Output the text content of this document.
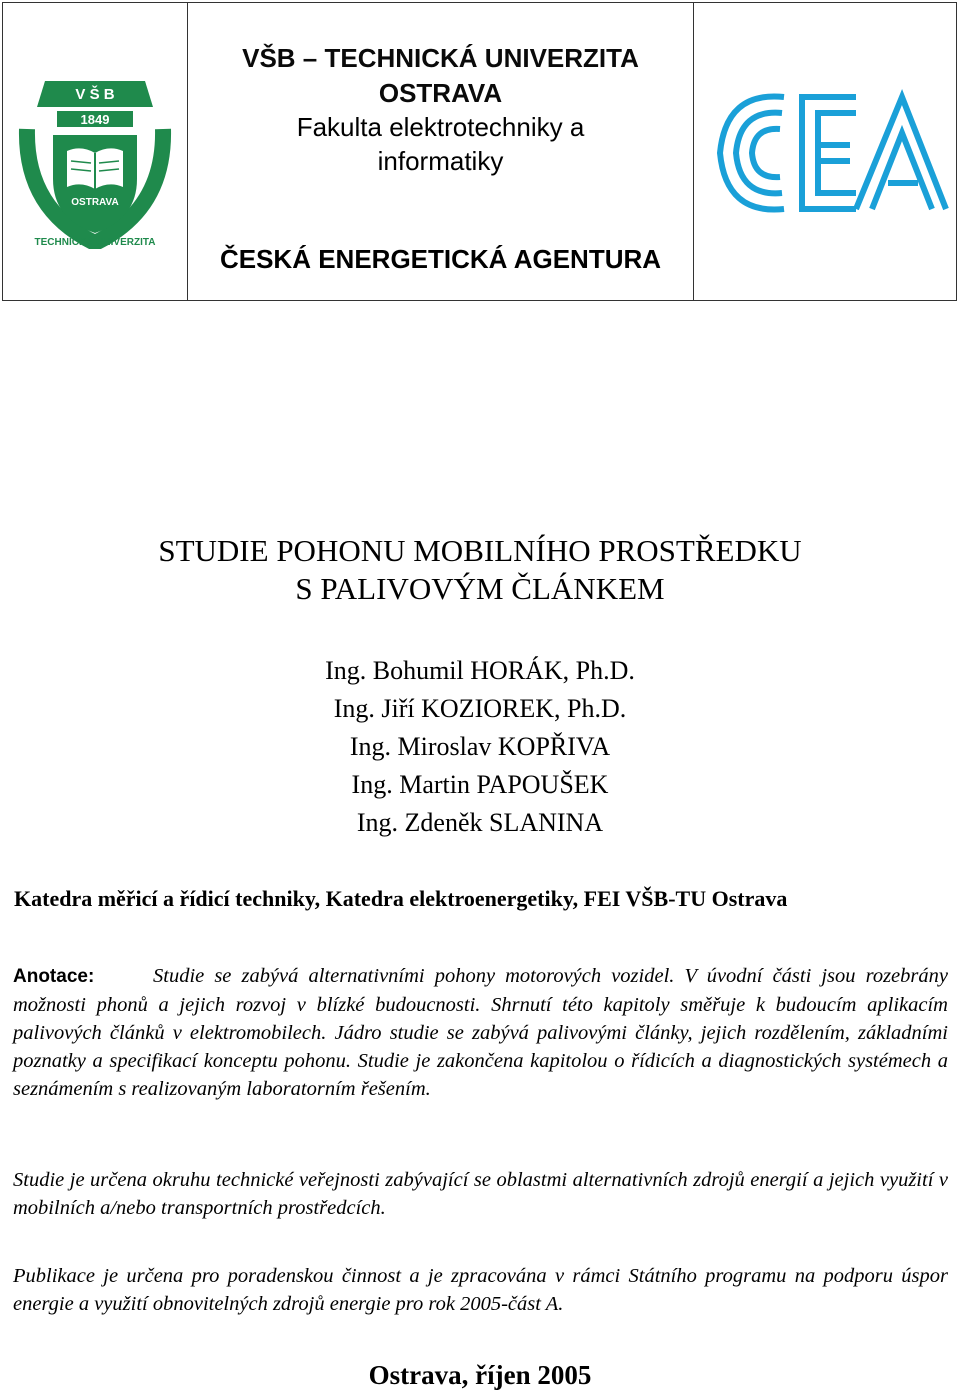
V Š B
1849
OSTRAVA
TECHNICKÁ UNIVERZITA
VŠB – TECHNICKÁ UNIVERZITA
OSTRAVA
Fakulta elektrotechniky a
informatiky
ČESKÁ ENERGETICKÁ AGENTURA
STUDIE POHONU MOBILNÍHO PROSTŘEDKU
S PALIVOVÝM ČLÁNKEM
Ing. Bohumil HORÁK, Ph.D.
Ing. Jiří KOZIOREK, Ph.D.
Ing. Miroslav KOPŘIVA
Ing. Martin PAPOUŠEK
Ing. Zdeněk SLANINA
Katedra měřicí a řídicí techniky, Katedra elektroenergetiky, FEI VŠB-TU Ostrava
Anotace:	Studie se zabývá alternativními pohony motorových vozidel. V úvodní části jsou rozebrány možnosti phonů a jejich rozvoj v blízké budoucnosti. Shrnutí této kapitoly směřuje k budoucím aplikacím palivových článků v elektromobilech. Jádro studie se zabývá palivovými články, jejich rozdělením, základními poznatky a specifikací konceptu pohonu. Studie je zakončena kapitolou o řídicích a diagnostických systémech a seznámením s realizovaným laboratorním řešením.
Studie je určena okruhu technické veřejnosti zabývající se oblastmi alternativních zdrojů energií a jejich využití v mobilních a/nebo transportních prostředcích.
Publikace je určena pro poradenskou činnost a je zpracována v rámci Státního programu na podporu úspor energie a využití obnovitelných zdrojů energie pro rok 2005-část A.
Ostrava, říjen 2005
